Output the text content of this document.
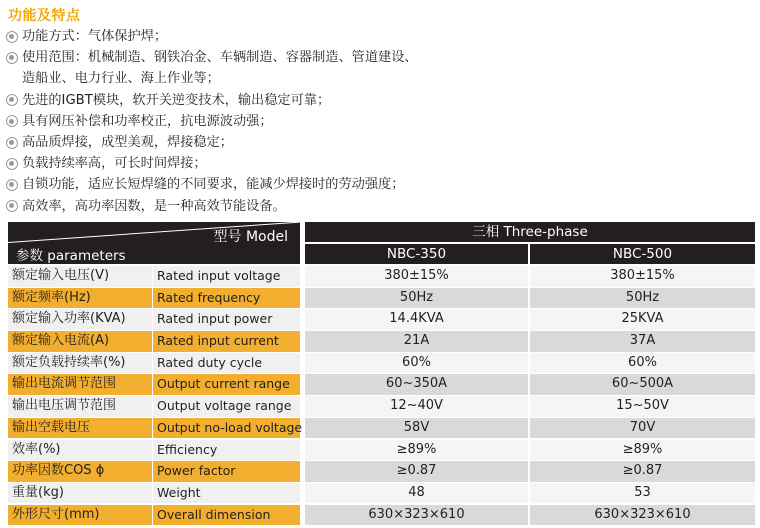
功能及特点
功能方式：气体保护焊；
使用范围：机械制造、钢铁冶金、车辆制造、容器制造、管道建设、
造船业、电力行业、海上作业等；
先进的IGBT模块，软开关逆变技术，输出稳定可靠；
具有网压补偿和功率校正，抗电源波动强；
高品质焊接，成型美观，焊接稳定；
负载持续率高，可长时间焊接；
自锁功能，适应长短焊缝的不同要求，能减少焊接时的劳动强度；
高效率，高功率因数，是一种高效节能设备。
型号 Model
参数 parameters
三相 Three-phase
NBC-350	NBC-500
额定输入电压(V)	Rated input voltage	380±15%	380±15%
额定频率(Hz)	Rated frequency	50Hz	50Hz
额定输入功率(KVA)	Rated input power	14.4KVA	25KVA
额定输入电流(A)	Rated input current	21A	37A
额定负载持续率(%)	Rated duty cycle	60%	60%
输出电流调节范围	Output current range	60~350A	60~500A
输出电压调节范围	Output voltage range	12~40V	15~50V
输出空载电压	Output no-load voltage	58V	70V
效率(%)	Efficiency	≥89%	≥89%
功率因数COS ϕ	Power factor	≥0.87	≥0.87
重量(kg)	Weight	48	53
外形尺寸(mm)	Overall dimension	630×323×610	630×323×610
